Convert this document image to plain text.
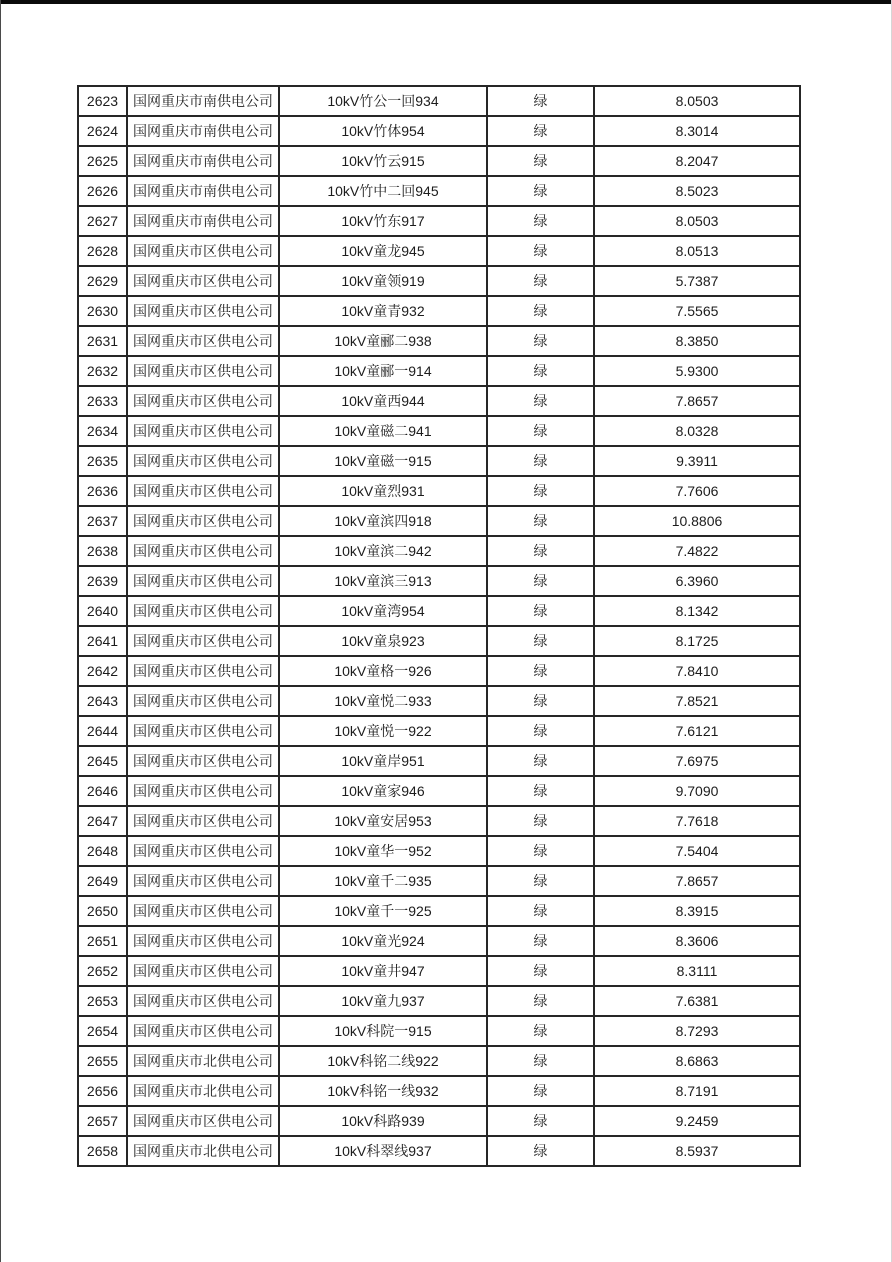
2623	国网重庆市南供电公司	10kV竹公一回934	绿	8.0503
2624	国网重庆市南供电公司	10kV竹体954	绿	8.3014
2625	国网重庆市南供电公司	10kV竹云915	绿	8.2047
2626	国网重庆市南供电公司	10kV竹中二回945	绿	8.5023
2627	国网重庆市南供电公司	10kV竹东917	绿	8.0503
2628	国网重庆市区供电公司	10kV童龙945	绿	8.0513
2629	国网重庆市区供电公司	10kV童领919	绿	5.7387
2630	国网重庆市区供电公司	10kV童青932	绿	7.5565
2631	国网重庆市区供电公司	10kV童郦二938	绿	8.3850
2632	国网重庆市区供电公司	10kV童郦一914	绿	5.9300
2633	国网重庆市区供电公司	10kV童西944	绿	7.8657
2634	国网重庆市区供电公司	10kV童磁二941	绿	8.0328
2635	国网重庆市区供电公司	10kV童磁一915	绿	9.3911
2636	国网重庆市区供电公司	10kV童烈931	绿	7.7606
2637	国网重庆市区供电公司	10kV童滨四918	绿	10.8806
2638	国网重庆市区供电公司	10kV童滨二942	绿	7.4822
2639	国网重庆市区供电公司	10kV童滨三913	绿	6.3960
2640	国网重庆市区供电公司	10kV童湾954	绿	8.1342
2641	国网重庆市区供电公司	10kV童泉923	绿	8.1725
2642	国网重庆市区供电公司	10kV童格一926	绿	7.8410
2643	国网重庆市区供电公司	10kV童悦二933	绿	7.8521
2644	国网重庆市区供电公司	10kV童悦一922	绿	7.6121
2645	国网重庆市区供电公司	10kV童岸951	绿	7.6975
2646	国网重庆市区供电公司	10kV童家946	绿	9.7090
2647	国网重庆市区供电公司	10kV童安居953	绿	7.7618
2648	国网重庆市区供电公司	10kV童华一952	绿	7.5404
2649	国网重庆市区供电公司	10kV童千二935	绿	7.8657
2650	国网重庆市区供电公司	10kV童千一925	绿	8.3915
2651	国网重庆市区供电公司	10kV童光924	绿	8.3606
2652	国网重庆市区供电公司	10kV童井947	绿	8.3111
2653	国网重庆市区供电公司	10kV童九937	绿	7.6381
2654	国网重庆市区供电公司	10kV科院一915	绿	8.7293
2655	国网重庆市北供电公司	10kV科铭二线922	绿	8.6863
2656	国网重庆市北供电公司	10kV科铭一线932	绿	8.7191
2657	国网重庆市区供电公司	10kV科路939	绿	9.2459
2658	国网重庆市北供电公司	10kV科翠线937	绿	8.5937
